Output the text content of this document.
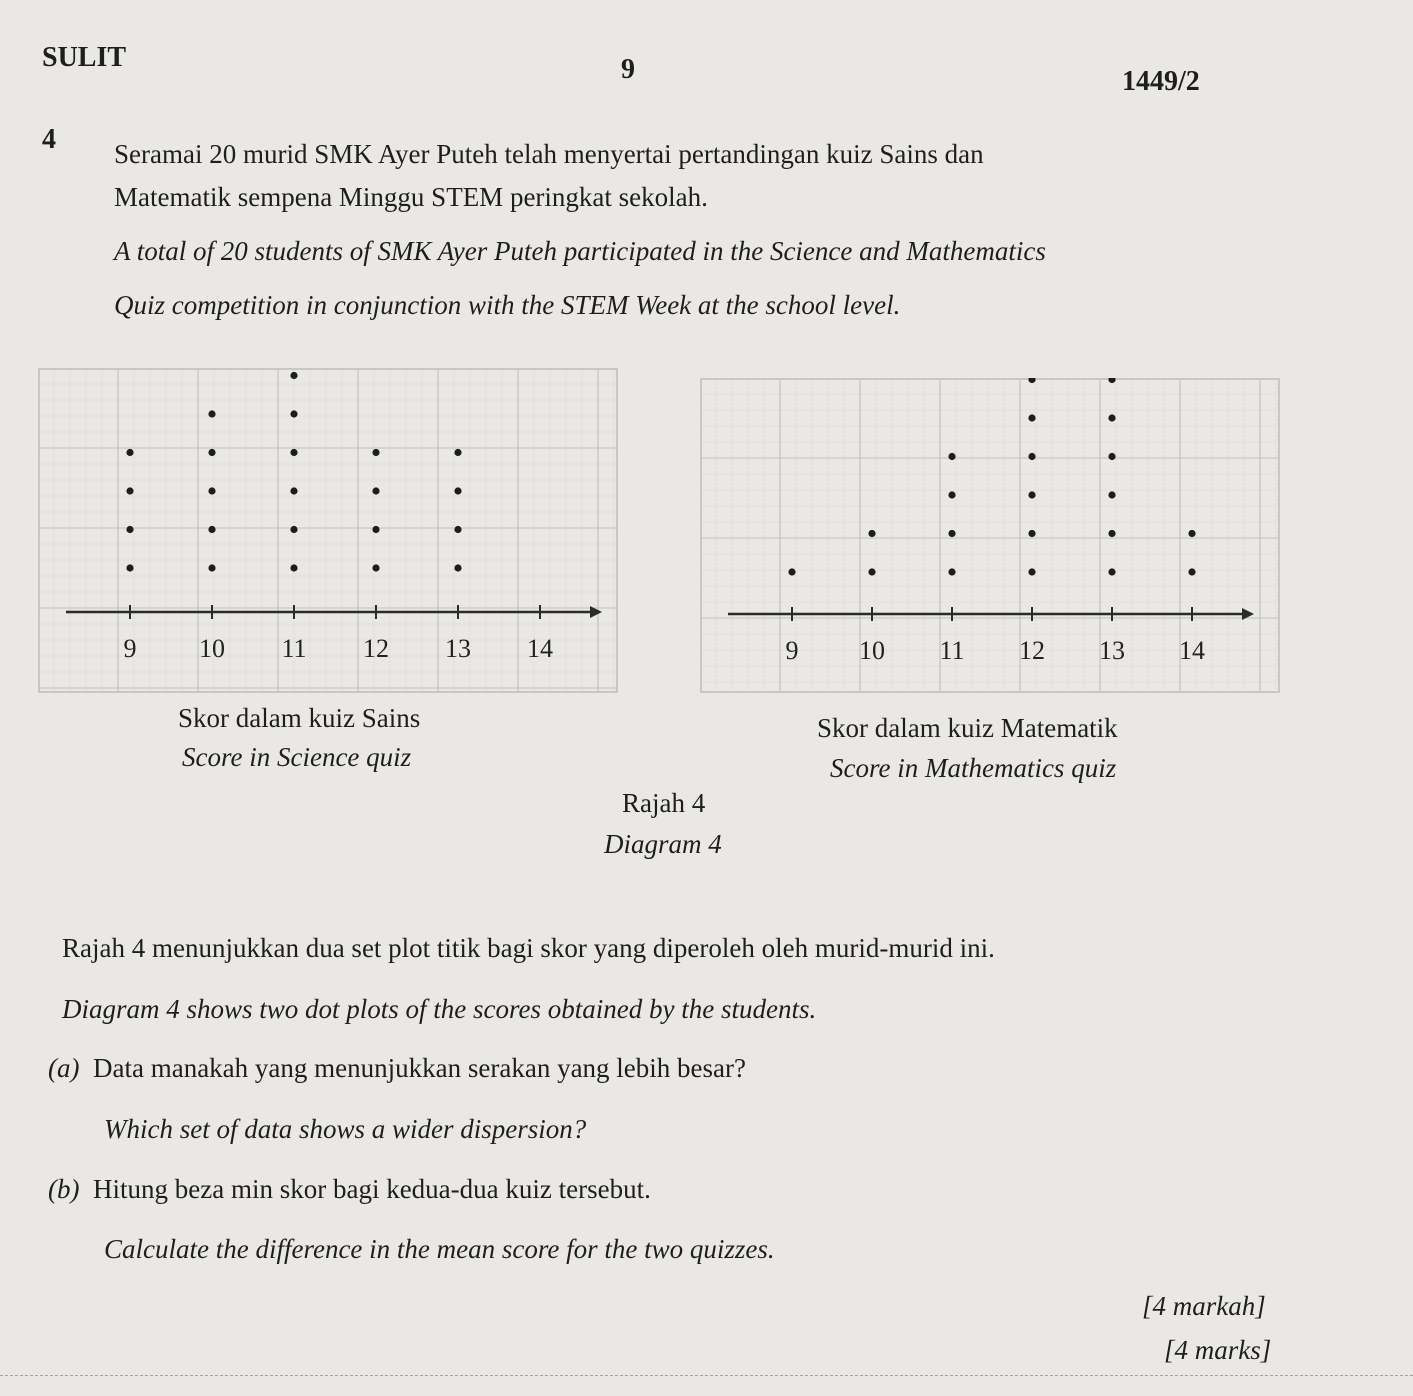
SULIT	9	1449/2
4 Seramai 20 murid SMK Ayer Puteh telah menyertai pertandingan kuiz Sains dan
Matematik sempena Minggu STEM peringkat sekolah.
A total of 20 students of SMK Ayer Puteh participated in the Science and Mathematics
Quiz competition in conjunction with the STEM Week at the school level.
9 10 11 12 13 14
Skor dalam kuiz Sains
Score in Science quiz
9 10 11 12 13 14
Skor dalam kuiz Matematik
Score in Mathematics quiz
Rajah 4
Diagram 4
Rajah 4 menunjukkan dua set plot titik bagi skor yang diperoleh oleh murid-murid ini.
Diagram 4 shows two dot plots of the scores obtained by the students.
(a) Data manakah yang menunjukkan serakan yang lebih besar?
Which set of data shows a wider dispersion?
(b) Hitung beza min skor bagi kedua-dua kuiz tersebut.
Calculate the difference in the mean score for the two quizzes.
[4 markah]
[4 marks]
